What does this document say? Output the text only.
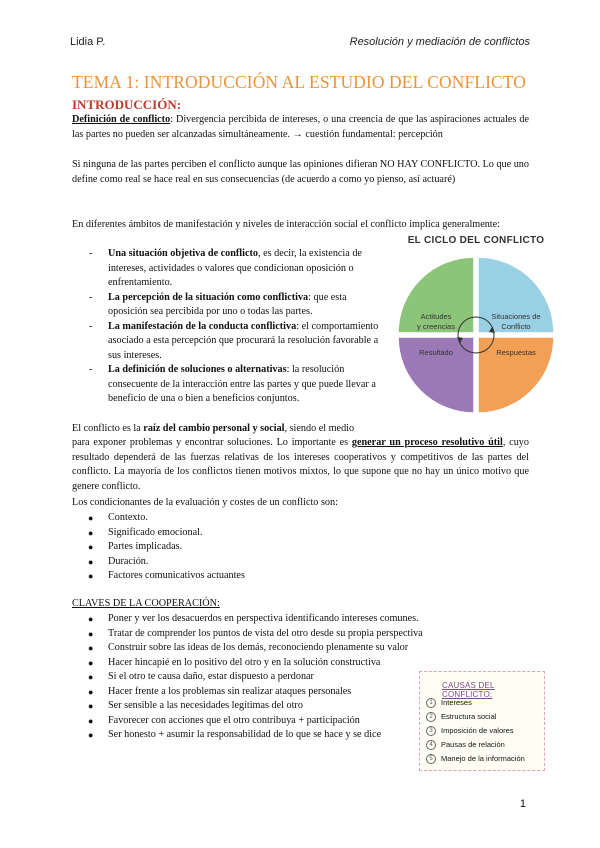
Lidia P.	Resolución y mediación de conflictos
TEMA 1: INTRODUCCIÓN AL ESTUDIO DEL CONFLICTO
INTRODUCCIÓN:
Definición de conflicto: Divergencia percibida de intereses, o una creencia de que las aspiraciones actuales de las partes no pueden ser alcanzadas simultáneamente. → cuestión fundamental: percepción
Si ninguna de las partes perciben el conflicto aunque las opiniones difieran NO HAY CONFLICTO. Lo que uno define como real se hace real en sus consecuencias (de acuerdo a como yo pienso, así actuaré)
En diferentes ámbitos de manifestación y niveles de interacción social el conflicto implica generalmente:
- Una situación objetiva de conflicto, es decir, la existencia de intereses, actividades o valores que condicionan oposición o enfrentamiento.
- La percepción de la situación como conflictiva: que esta oposición sea percibida por uno o todas las partes.
- La manifestación de la conducta conflictiva: el comportamiento asociado a esta percepción que procurará la resolución favorable a sus intereses.
- La definición de soluciones o alternativas: la resolución consecuente de la interacción entre las partes y que puede llevar a beneficio de una o bien a beneficios conjuntos.
EL CICLO DEL CONFLICTO
Actitudes
y creencias
Situaciones de
Conflicto
Resultado	Respuestas
El conflicto es la raíz del cambio personal y social, siendo el medio
para exponer problemas y encontrar soluciones. Lo importante es generar un proceso resolutivo útil, cuyo resultado dependerá de las fuerzas relativas de los intereses cooperativos y competitivos de las partes del conflicto. La mayoría de los conflictos tienen motivos mixtos, lo que supone que no hay un único motivo que genere conflicto.
Los condicionantes de la evaluación y costes de un conflicto son:
● Contexto.
● Significado emocional.
● Partes implicadas.
● Duración.
● Factores comunicativos actuantes
CLAVES DE LA COOPERACIÓN:
● Poner y ver los desacuerdos en perspectiva identificando intereses comunes.
● Tratar de comprender los puntos de vista del otro desde su propia perspectiva
● Construir sobre las ideas de los demás, reconociendo plenamente su valor
● Hacer hincapié en lo positivo del otro y en la solución constructiva
● Si el otro te causa daño, estar dispuesto a perdonar
● Hacer frente a los problemas sin realizar ataques personales
● Ser sensible a las necesidades legítimas del otro
● Favorecer con acciones que el otro contribuya + participación
● Ser honesto + asumir la responsabilidad de lo que se hace y se dice
CAUSAS DEL CONFLICTO:
1	Intereses
2	Estructura social
3	Imposición de valores
4	Pausas de relación
5	Manejo de la información
1
